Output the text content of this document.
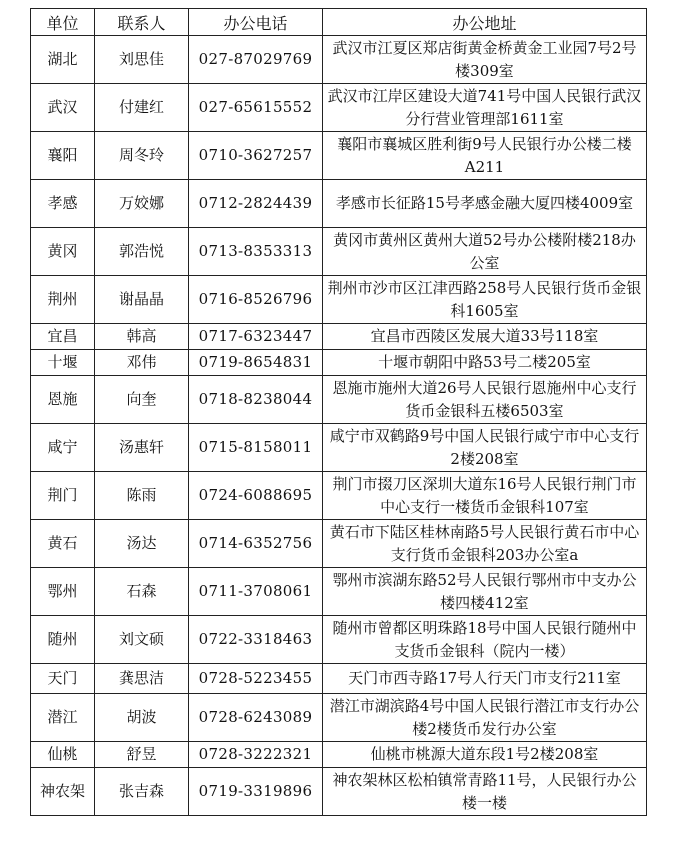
单位	联系人	办公电话	办公地址
湖北	刘思佳	027-87029769	武汉市江夏区郑店街黄金桥黄金工业园7号2号楼309室
武汉	付建红	027-65615552	武汉市江岸区建设大道741号中国人民银行武汉分行营业管理部1611室
襄阳	周冬玲	0710-3627257	襄阳市襄城区胜利街9号人民银行办公楼二楼A211
孝感	万姣娜	0712-2824439	孝感市长征路15号孝感金融大厦四楼4009室
黄冈	郭浩悦	0713-8353313	黄冈市黄州区黄州大道52号办公楼附楼218办公室
荆州	谢晶晶	0716-8526796	荆州市沙市区江津西路258号人民银行货币金银科1605室
宜昌	韩高	0717-6323447	宜昌市西陵区发展大道33号118室
十堰	邓伟	0719-8654831	十堰市朝阳中路53号二楼205室
恩施	向奎	0718-8238044	恩施市施州大道26号人民银行恩施州中心支行货币金银科五楼6503室
咸宁	汤惠轩	0715-8158011	咸宁市双鹤路9号中国人民银行咸宁市中心支行2楼208室
荆门	陈雨	0724-6088695	荆门市掇刀区深圳大道东16号人民银行荆门市中心支行一楼货币金银科107室
黄石	汤达	0714-6352756	黄石市下陆区桂林南路5号人民银行黄石市中心支行货币金银科203办公室a
鄂州	石森	0711-3708061	鄂州市滨湖东路52号人民银行鄂州市中支办公楼四楼412室
随州	刘文硕	0722-3318463	随州市曾都区明珠路18号中国人民银行随州中支货币金银科（院内一楼）
天门	龚思洁	0728-5223455	天门市西寺路17号人行天门市支行211室
潜江	胡波	0728-6243089	潜江市湖滨路4号中国人民银行潜江市支行办公楼2楼货币发行办公室
仙桃	舒昱	0728-3222321	仙桃市桃源大道东段1号2楼208室
神农架	张吉森	0719-3319896	神农架林区松柏镇常青路11号，人民银行办公楼一楼
